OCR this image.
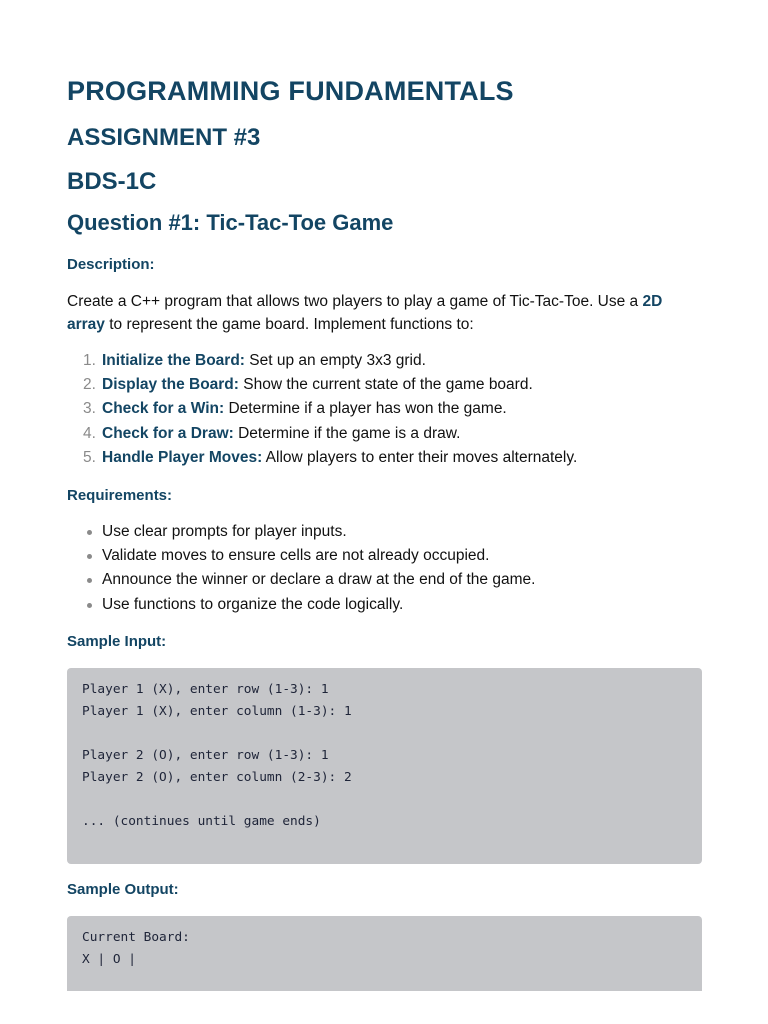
PROGRAMMING FUNDAMENTALS
ASSIGNMENT #3
BDS-1C
Question #1: Tic-Tac-Toe Game

Description:

Create a C++ program that allows two players to play a game of Tic-Tac-Toe. Use a 2D array to represent the game board. Implement functions to:

1. Initialize the Board: Set up an empty 3x3 grid.
2. Display the Board: Show the current state of the game board.
3. Check for a Win: Determine if a player has won the game.
4. Check for a Draw: Determine if the game is a draw.
5. Handle Player Moves: Allow players to enter their moves alternately.

Requirements:

Use clear prompts for player inputs.
Validate moves to ensure cells are not already occupied.
Announce the winner or declare a draw at the end of the game.
Use functions to organize the code logically.

Sample Input:

Player 1 (X), enter row (1-3): 1
Player 1 (X), enter column (1-3): 1

Player 2 (O), enter row (1-3): 1
Player 2 (O), enter column (2-3): 2

... (continues until game ends)

Sample Output:

Current Board:
X | O |
